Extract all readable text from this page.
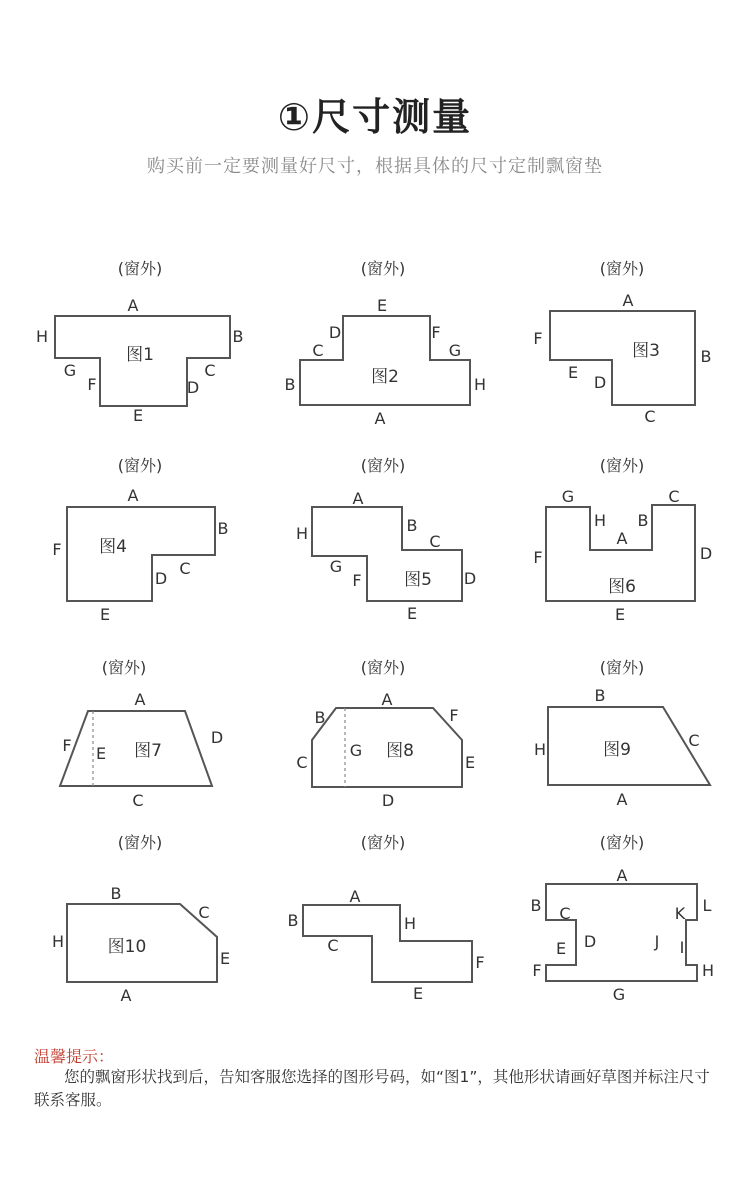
①尺寸测量
购买前一定要测量好尺寸，根据具体的尺寸定制飘窗垫
(窗外)
图1
A
B
C
D
E
F
G
H
(窗外)
图2
A
B
C
D
E
F
G
H
(窗外)
图3
A
B
C
D
E
F
(窗外)
图4
A
B
C
D
E
F
(窗外)
图5
A
B
C
D
E
F
G
H
(窗外)
图6
A
B
C
D
E
F
G
H
(窗外)
图7
A
C
D
E
F
(窗外)
图8
A
B
C
D
E
F
G
(窗外)
图9
A
B
C
H
(窗外)
图10
A
B
C
E
H
(窗外)
A
B
C
E
F
H
(窗外)
A
B C
D
E
F
G
H
I
J
K L
温馨提示：
您的飘窗形状找到后，告知客服您选择的图形号码，如“图1”，其他形状请画好草图并标注尺寸联系客服。
